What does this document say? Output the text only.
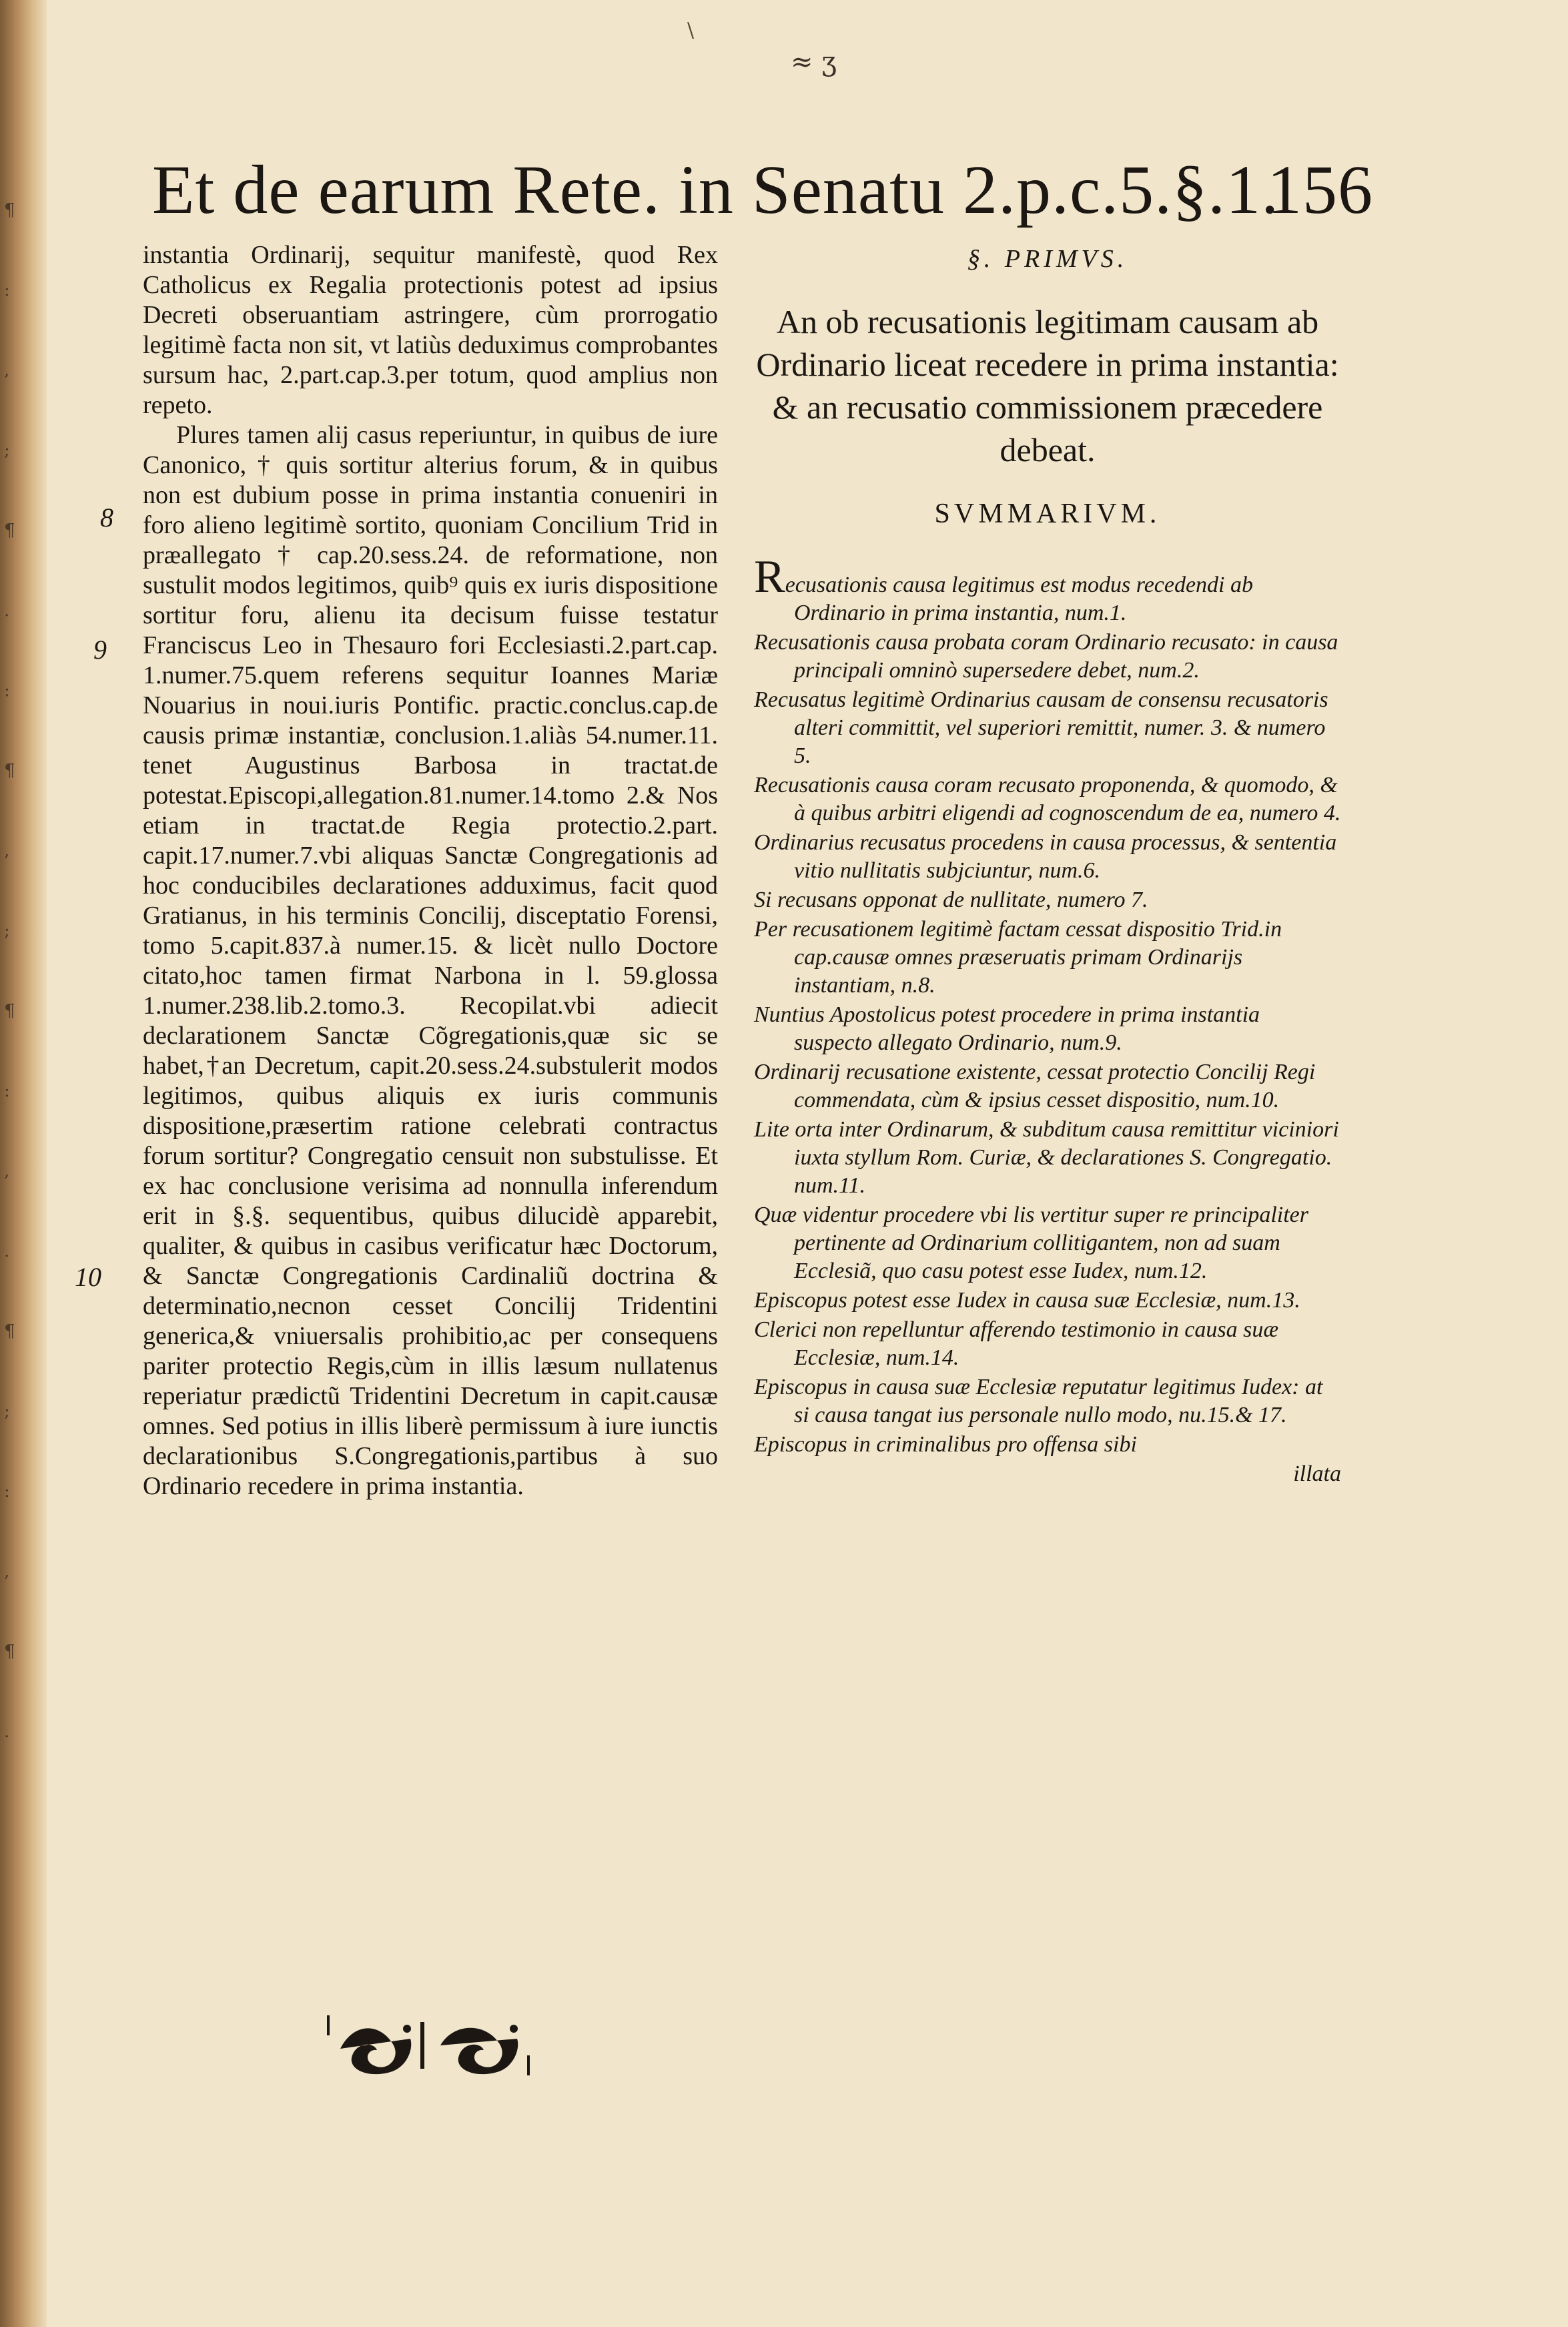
¶
:
,
;
¶
.
:
¶
,
;
¶
:
,
.
¶
;
:
,
¶
.
\
≈ ʒ
Et de earum Rete. in Senatu 2.p.c.5.§.1.
156
8
9
10

instantia Ordinarij, sequitur manifestè, quod Rex Catholicus ex Regalia protectionis potest ad ipsius Decreti obseruantiam astringere, cùm prorrogatio legitimè facta non sit, vt latiùs deduximus comprobantes sursum hac, 2.part.cap.3.per totum, quod amplius non repeto.

Plures tamen alij casus reperiuntur, in quibus de iure Canonico, † quis sortitur alterius forum, & in quibus non est dubium posse in prima instantia conueniri in foro alieno legitimè sortito, quoniam Concilium Trid in præallegato † cap.20.sess.24. de reformatione, non sustulit modos legitimos, quib⁹ quis ex iuris dispositione sortitur foru, alienu ita decisum fuisse testatur Franciscus Leo in Thesauro fori Ecclesiasti.2.part.cap. 1.numer.75.quem referens sequitur Ioannes Mariæ Nouarius in noui.iuris Pontific. practic.conclus.cap.de causis primæ instantiæ, conclusion.1.aliàs 54.numer.11. tenet Augustinus Barbosa in tractat.de potestat.Episcopi,allegation.81.numer.14.tomo 2.& Nos etiam in tractat.de Regia protectio.2.part. capit.17.numer.7.vbi aliquas Sanctæ Congregationis ad hoc conducibiles declarationes adduximus, facit quod Gratianus, in his terminis Concilij, disceptatio Forensi, tomo 5.capit.837.à numer.15. & licèt nullo Doctore citato,hoc tamen firmat Narbona in l. 59.glossa 1.numer.238.lib.2.tomo.3. Recopilat.vbi adiecit declarationem Sanctæ Cõgregationis,quæ sic se habet,†an Decretum, capit.20.sess.24.substulerit modos legitimos, quibus aliquis ex iuris communis dispositione,præsertim ratione celebrati contractus forum sortitur? Congregatio censuit non substulisse. Et ex hac conclusione verisima ad nonnulla inferendum erit in §.§. sequentibus, quibus dilucidè apparebit, qualiter, & quibus in casibus verificatur hæc Doctorum, & Sanctæ Congregationis Cardinaliũ doctrina & determinatio,necnon cesset Concilij Tridentini generica,& vniuersalis prohibitio,ac per consequens pariter protectio Regis,cùm in illis læsum nullatenus reperiatur prædictũ Tridentini Decretum in capit.causæ omnes. Sed potius in illis liberè permissum à iure iunctis declarationibus S.Congregationis,partibus à suo Ordinario recedere in prima instantia.

§. PRIMVS.
An ob recusationis legitimam causam ab Ordinario liceat recedere in prima instantia: & an recusatio commissionem præcedere debeat.
SVMMARIVM.
Recusationis causa legitimus est modus recedendi ab Ordinario in prima instantia, num.1.
Recusationis causa probata coram Ordinario recusato: in causa principali omninò supersedere debet, num.2.
Recusatus legitimè Ordinarius causam de consensu recusatoris alteri committit, vel superiori remittit, numer. 3. & numero 5.
Recusationis causa coram recusato proponenda, & quomodo, & à quibus arbitri eligendi ad cognoscendum de ea, numero 4.
Ordinarius recusatus procedens in causa processus, & sententia vitio nullitatis subjciuntur, num.6.
Si recusans opponat de nullitate, numero 7.
Per recusationem legitimè factam cessat dispositio Trid.in cap.causæ omnes præseruatis primam Ordinarijs instantiam, n.8.
Nuntius Apostolicus potest procedere in prima instantia suspecto allegato Ordinario, num.9.
Ordinarij recusatione existente, cessat protectio Concilij Regi commendata, cùm & ipsius cesset dispositio, num.10.
Lite orta inter Ordinarum, & subditum causa remittitur viciniori iuxta styllum Rom. Curiæ, & declarationes S. Congregatio. num.11.
Quæ videntur procedere vbi lis vertitur super re principaliter pertinente ad Ordinarium collitigantem, non ad suam Ecclesiã, quo casu potest esse Iudex, num.12.
Episcopus potest esse Iudex in causa suæ Ecclesiæ, num.13.
Clerici non repelluntur afferendo testimonio in causa suæ Ecclesiæ, num.14.
Episcopus in causa suæ Ecclesiæ reputatur legitimus Iudex: at si causa tangat ius personale nullo modo, nu.15.& 17.
Episcopus in criminalibus pro offensa sibi
illata
